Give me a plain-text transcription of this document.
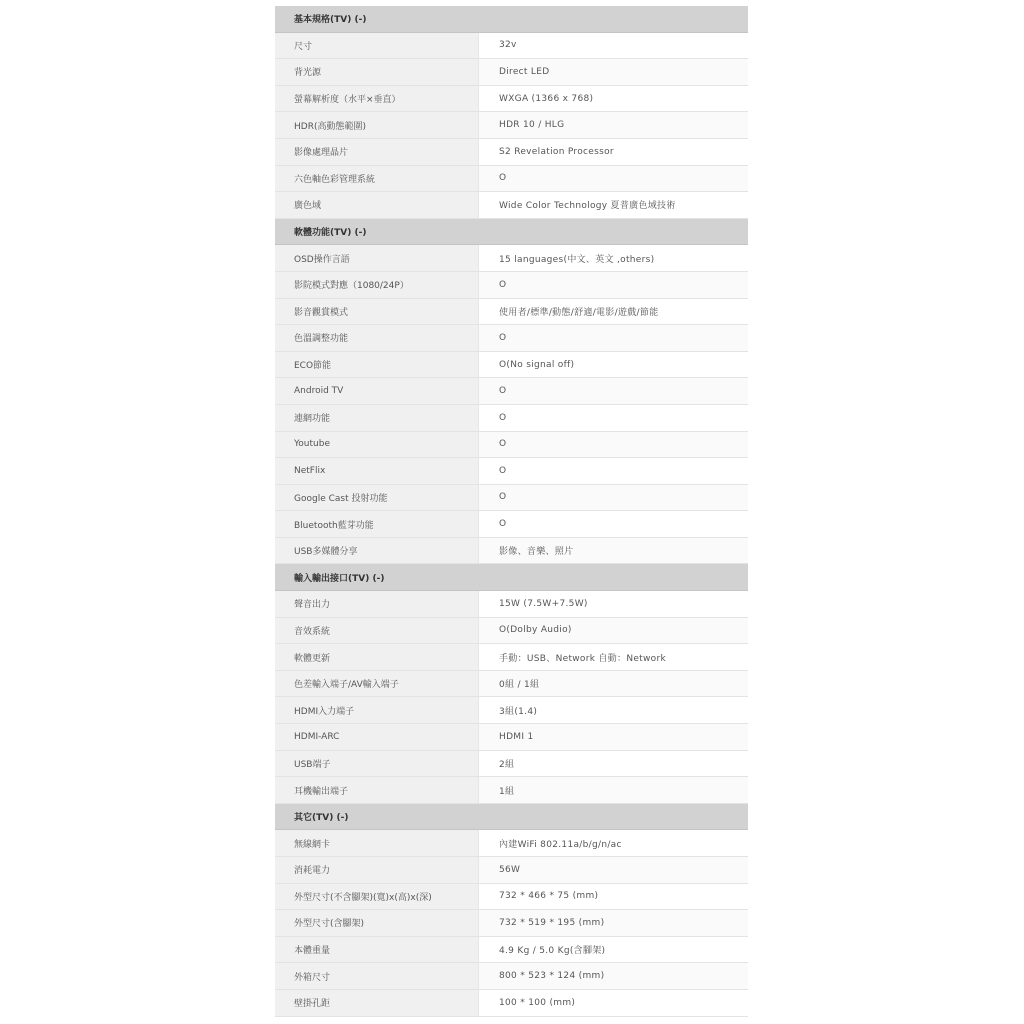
基本規格(TV) (-)
尺寸	32v
背光源	Direct LED
螢幕解析度（水平×垂直）	WXGA (1366 x 768)
HDR(高動態範圍)	HDR 10 / HLG
影像處理晶片	S2 Revelation Processor
六色軸色彩管理系統	O
廣色域	Wide Color Technology 夏普廣色域技術
軟體功能(TV) (-)
OSD操作言語	15 languages(中文、英文 ,others)
影院模式對應（1080/24P）	O
影音觀賞模式	使用者/標準/動態/舒適/電影/遊戲/節能
色溫調整功能	O
ECO節能	O(No signal off)
Android TV	O
連網功能	O
Youtube	O
NetFlix	O
Google Cast 投射功能	O
Bluetooth藍芽功能	O
USB多媒體分享	影像、音樂、照片
輸入輸出接口(TV) (-)
聲音出力	15W (7.5W+7.5W)
音效系統	O(Dolby Audio)
軟體更新	手動：USB、Network 自動：Network
色差輸入端子/AV輸入端子	0組 / 1組
HDMI入力端子	3組(1.4)
HDMI-ARC	HDMI 1
USB端子	2組
耳機輸出端子	1組
其它(TV) (-)
無線網卡	內建WiFi 802.11a/b/g/n/ac
消耗電力	56W
外型尺寸(不含腳架)(寬)x(高)x(深)	732 * 466 * 75 (mm)
外型尺寸(含腳架)	732 * 519 * 195 (mm)
本體重量	4.9 Kg / 5.0 Kg(含腳架)
外箱尺寸	800 * 523 * 124 (mm)
壁掛孔距	100 * 100 (mm)
